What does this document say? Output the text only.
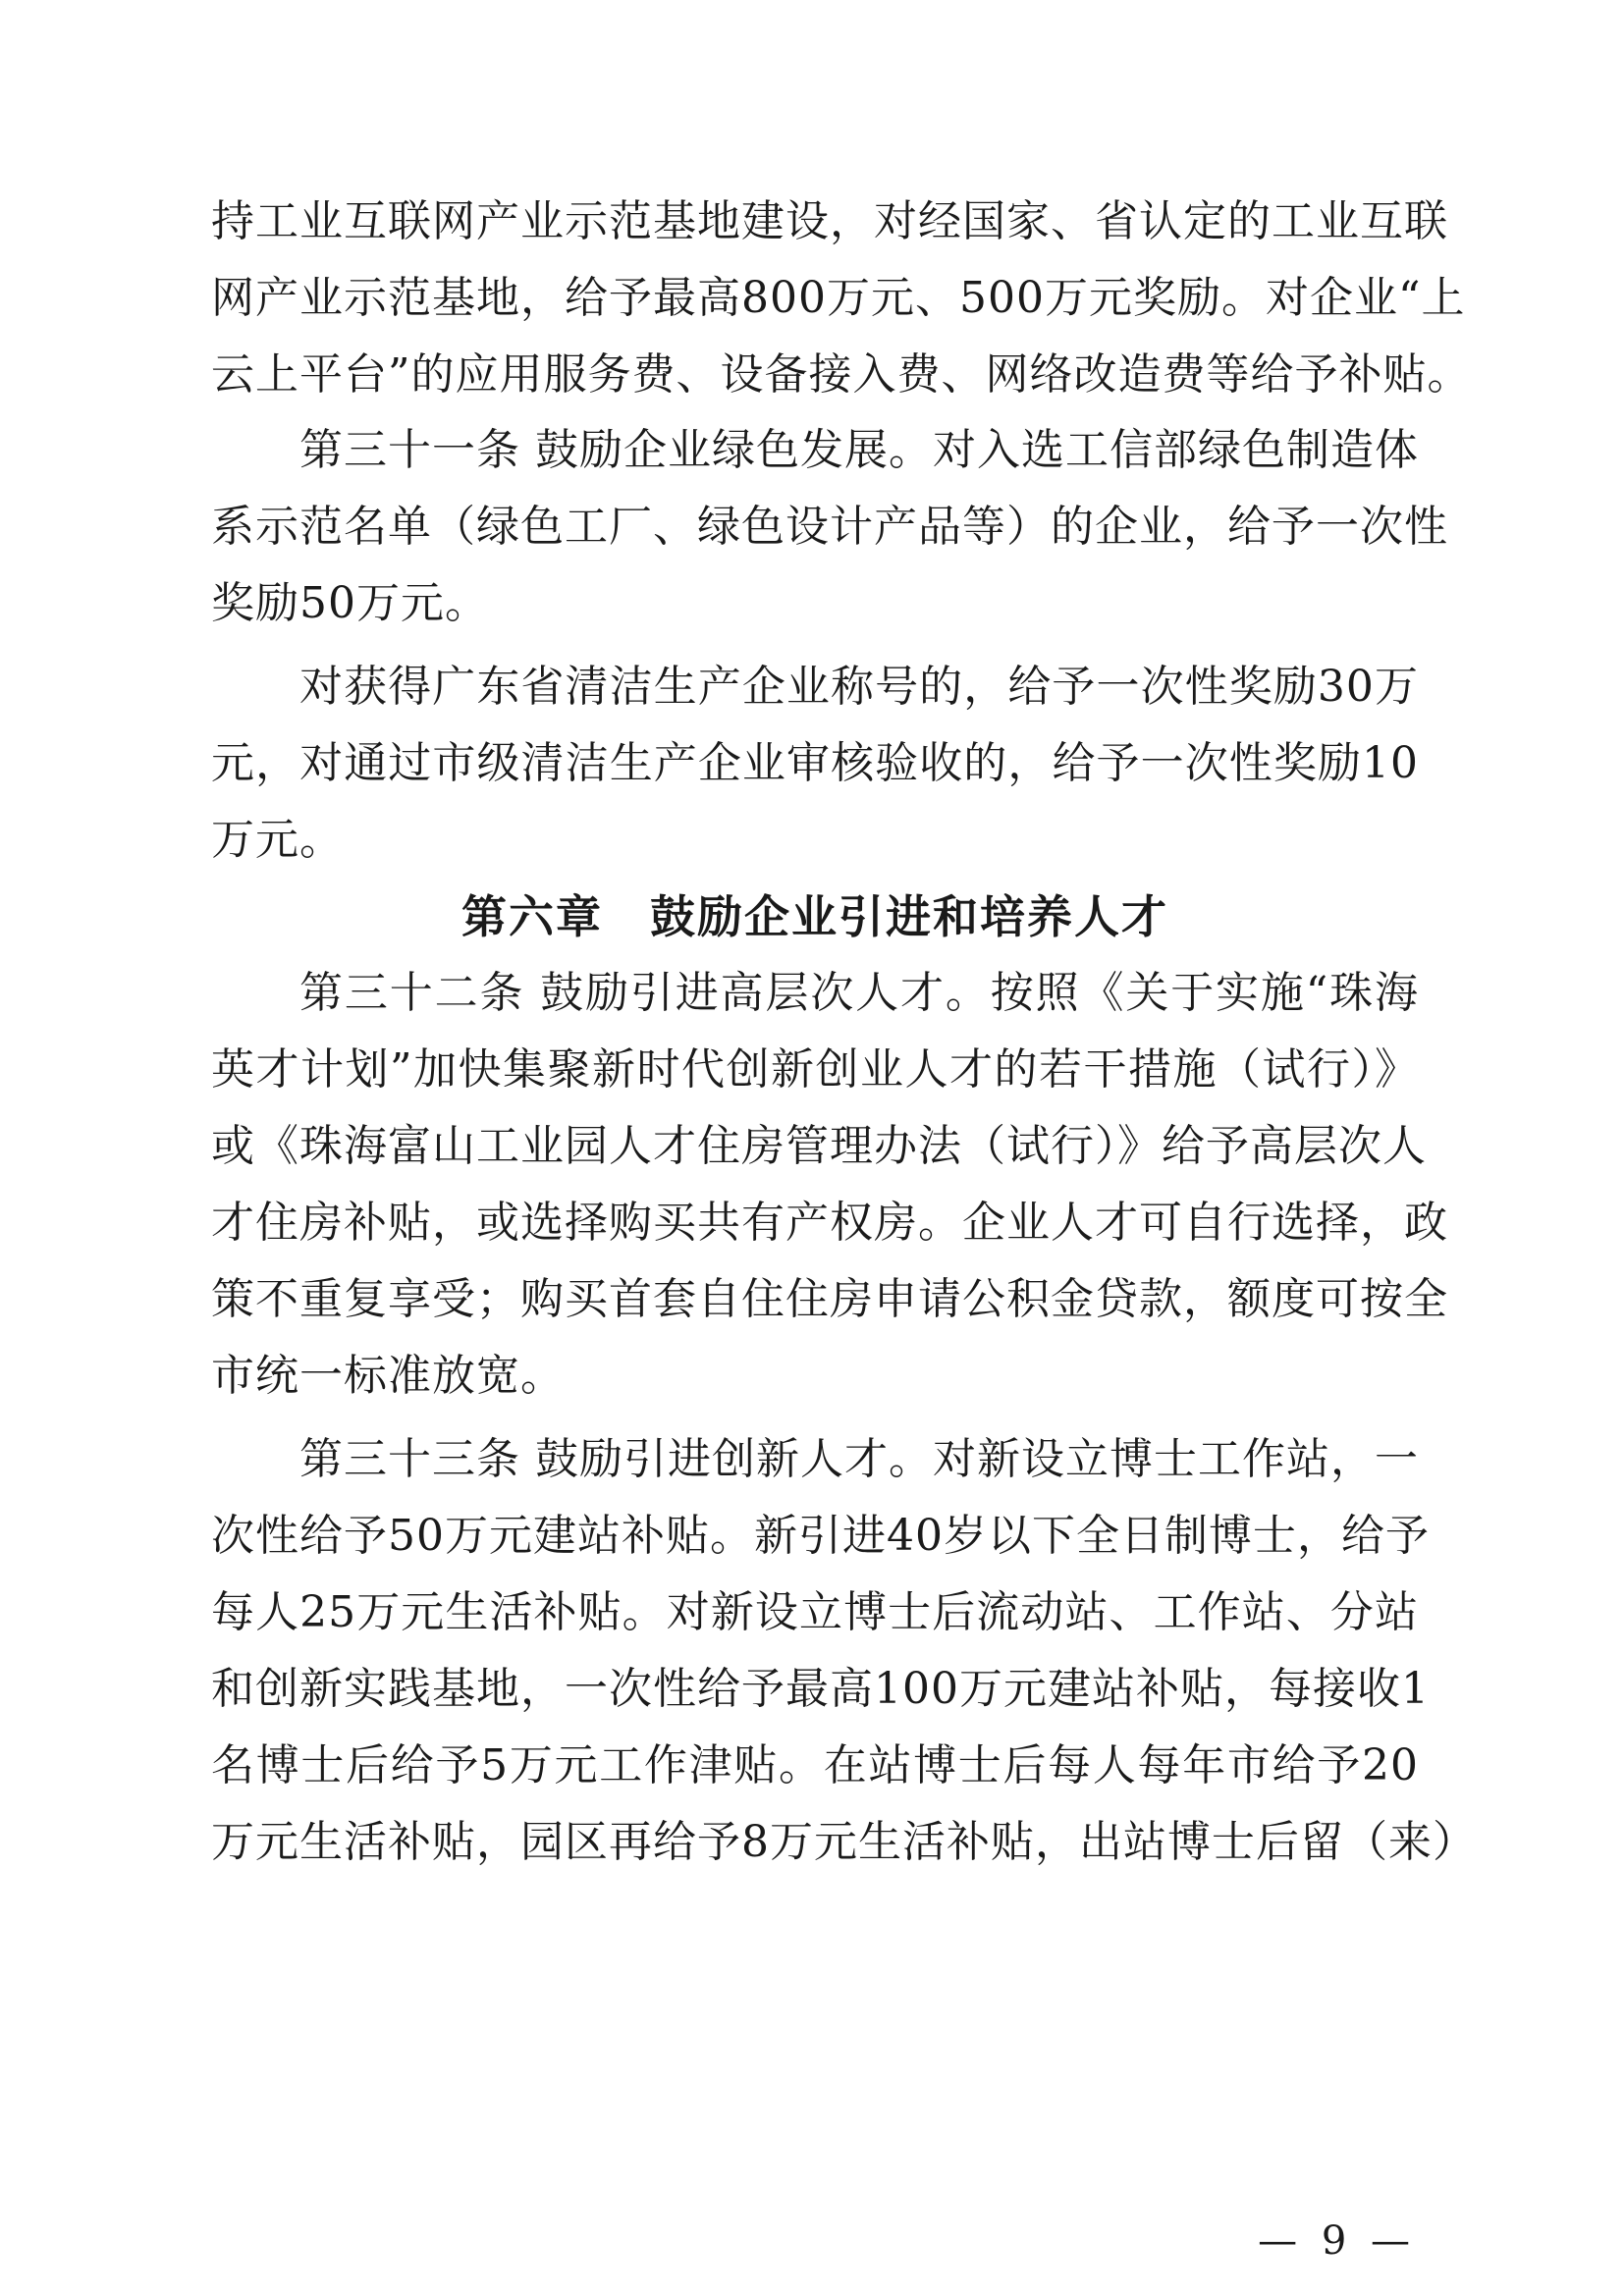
持工业互联网产业示范基地建设，对经国家、省认定的工业互联
网产业示范基地，给予最高800万元、500万元奖励。对企业“上
云上平台”的应用服务费、设备接入费、网络改造费等给予补贴。
第三十一条 鼓励企业绿色发展。对入选工信部绿色制造体
系示范名单（绿色工厂、绿色设计产品等）的企业，给予一次性
奖励50万元。
对获得广东省清洁生产企业称号的，给予一次性奖励30万
元，对通过市级清洁生产企业审核验收的，给予一次性奖励10
万元。
第六章　鼓励企业引进和培养人才
第三十二条 鼓励引进高层次人才。按照《关于实施“珠海
英才计划”加快集聚新时代创新创业人才的若干措施（试行）》
或《珠海富山工业园人才住房管理办法（试行）》给予高层次人
才住房补贴，或选择购买共有产权房。企业人才可自行选择，政
策不重复享受；购买首套自住住房申请公积金贷款，额度可按全
市统一标准放宽。
第三十三条 鼓励引进创新人才。对新设立博士工作站，一
次性给予50万元建站补贴。新引进40岁以下全日制博士，给予
每人25万元生活补贴。对新设立博士后流动站、工作站、分站
和创新实践基地，一次性给予最高100万元建站补贴，每接收1
名博士后给予5万元工作津贴。在站博士后每人每年市给予20
万元生活补贴，园区再给予8万元生活补贴，出站博士后留（来）
— 9 —
